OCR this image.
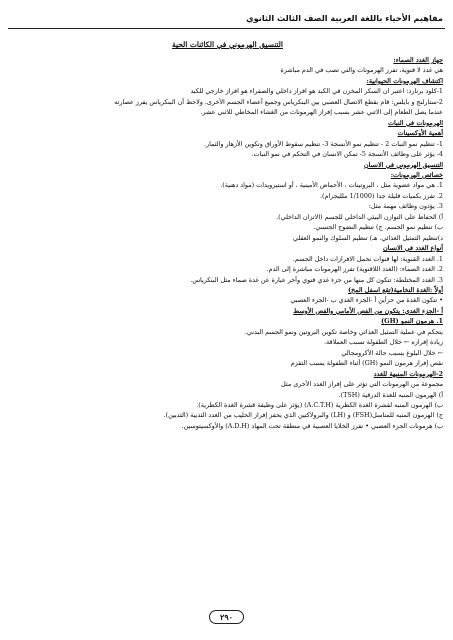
مفاهيم الأحياء باللغة العربية الصف الثالث الثانوي
التنسيق الهرموني في الكائنات الحية
جهاز الغدد الصماء:
هي غدد لا قنوية، تفرز الهرمونات والتي تصب في الدم مباشرة
اكتشاف الهرمونات الحيوانية:
1-كلود برنارد: اعتبر ان السكر المخزن في الكبد هو افراز داخلي والصفراء هو افراز خارجي للكبد
2-ستارلنج و بايلس: قام بقطع الاتصال العصبي بين البنكرياس وجميع أعضاء الجسم الأخرى. ولاحظ أن البنكرياس يفرز عصارته
عندما يصل الطعام إلى الاثني عشر بسبب إفراز الهرمونات من الغشاء المخاطي للاثني عشر.
الهرمونات في النبات
أهمية الأوكسينات
1- تنظيم نمو النبات 2 - تنظيم نمو الأنسجة 3- تنظيم سقوط الأوراق وتكوين الأزهار والثمار.
4- يؤثر على وظائف الأنسجة 5- تمكن الانسان في التحكم في نمو النبات.
التنسيق الهرموني في الانسان
خصائص الهرمونات:
1. هي مواد عضوية مثل ، البروتينات ، الأحماض الأمينية ، أو استيرويدات (مواد دهنية).
2. تفرز بكميات قليلة جدا (1/1000 ملليجرام).
3. يؤدون وظائف مهمة مثل:
أ) الحفاظ على التوازن البيئي الداخلي للجسم (الاتزان الداخلي).
ب) تنظيم نمو الجسم. ج) تنظيم النضوج الجنسي.
د)تنظيم التمثيل الغذائي. هـ) تنظيم السلوك والنمو العقلي
أنواع الغدد في الانسان
1. الغدد القنوية: لها قنوات تحمل الافرازات داخل الجسم.
2. الغدد الصماء: (الغدد اللاقنوية) تفرز الهرمونات مباشرة إلى الدم.
3. الغدد المختلطة: تتكون كل منها من جزء غدي قنوي وآخر عبارة عن غدة صماء مثل البنكرياس.
أولاً :الغدة النخامية(تقع اسفل المخ)
• تتكون الغدة من جزأين أ -الجزء الغدي ب -الجزء العصبي
أ -الجزء الغدي: يتكون من الفص الأمامي والفص الأوسط
1. هرمون النمو (GH)
يتحكم في عملية التمثيل الغذائي وخاصة تكوين البروتين ونمو الجسم البدني.
زيادة إفرازه ← خلال الطفولة تسبب العملاقة.
← خلال البلوغ يسبب حالة الأكرومجالي
نقص إفراز هرمون النمو (GH) أثناء الطفولة يسبب التقزم
2-الهرمونات المنبهة للغدد
مجموعة من الهرمونات التي تؤثر على إفراز الغدد الأخرى مثل
أ) الهرمون المنبه للغدة الدرقية (TSH).
ب) الهرمون المنبه لقشرة الغدة الكظرية (A.C.T.H) (يؤثر على وظيفة قشرة الغدة الكظرية).
ج) الهرمون المنبه للمناسل(FSH) و (LH) والبرولاكتين الذي يحفز إفراز الحليب من الغدد الثديية (الثديين).
ب) هرمونات الجزء العصبي • تفرز الخلايا العصبية في منطقة تحت المهاد (A.D.H) والأوكسيتوسين.
٢٩٠
